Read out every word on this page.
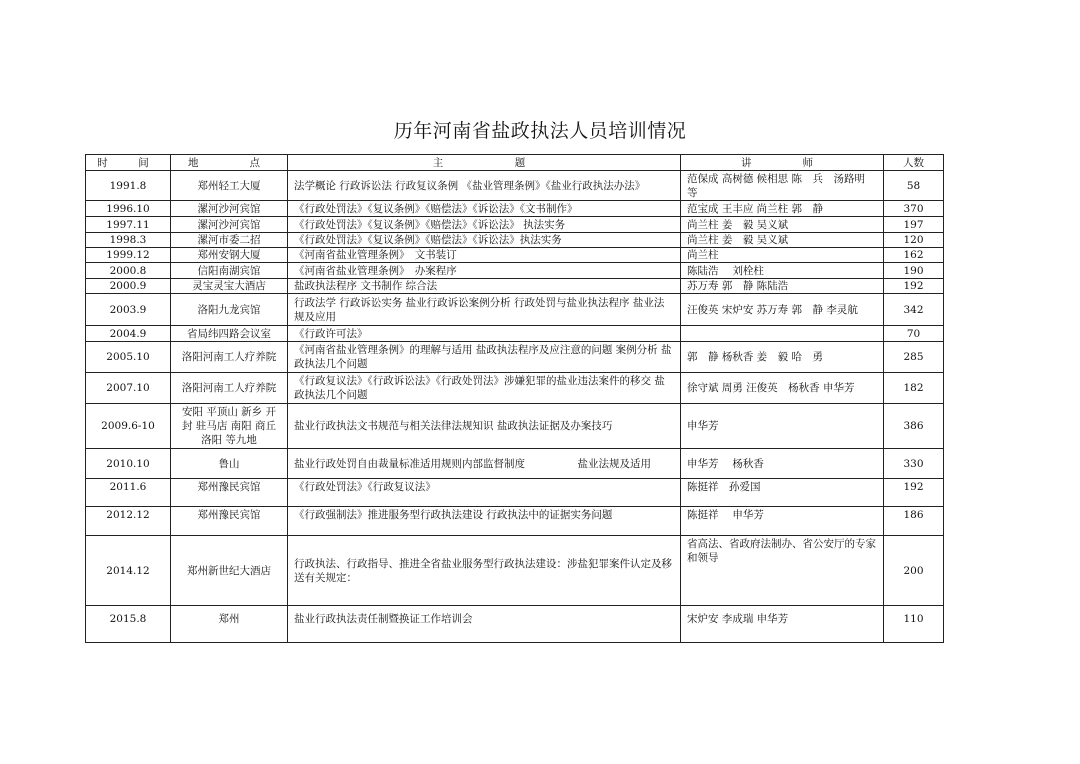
历年河南省盐政执法人员培训情况
时　间	地　　点	主　　　题	讲　　师	人数
1991.8	郑州轻工大厦	法学概论 行政诉讼法 行政复议条例 《盐业管理条例》《盐业行政执法办法》	范保成 高树德 候相思 陈　兵　汤路明 等	58
1996.10	漯河沙河宾馆	《行政处罚法》《复议条例》《赔偿法》《诉讼法》《文书制作》	范宝成 王丰应 尚兰柱 郭　静	370
1997.11	漯河沙河宾馆	《行政处罚法》《复议条例》《赔偿法》《诉讼法》 执法实务	尚兰柱 姜　毅 吴义斌	197
1998.3	漯河市委二招	《行政处罚法》《复议条例》《赔偿法》《诉讼法》执法实务	尚兰柱 姜　毅 吴义斌	120
1999.12	郑州安钢大厦	《河南省盐业管理条例》　文书装订	尚兰柱	162
2000.8	信阳南湖宾馆	《河南省盐业管理条例》　办案程序	陈陆浩　 刘栓柱	190
2000.9	灵宝灵宝大酒店	盐政执法程序 文书制作 综合法	苏万寿 郭　静 陈陆浩	192
2003.9	洛阳九龙宾馆	行政法学 行政诉讼实务 盐业行政诉讼案例分析 行政处罚与盐业执法程序 盐业法规及应用	汪俊英 宋炉安 苏万寿 郭　静 李灵航	342
2004.9	省局纬四路会议室	《行政许可法》		70
2005.10	洛阳河南工人疗养院	《河南省盐业管理条例》的理解与适用 盐政执法程序及应注意的问题 案例分析 盐政执法几个问题	郭　静 杨秋香 姜　毅 哈　勇	285
2007.10	洛阳河南工人疗养院	《行政复议法》《行政诉讼法》《行政处罚法》涉嫌犯罪的盐业违法案件的移交 盐政执法几个问题	徐守斌 周勇 汪俊英　杨秋香 申华芳	182
2009.6-10	安阳 平顶山 新乡 开封 驻马店 南阳 商丘 洛阳 等九地	盐业行政执法文书规范与相关法律法规知识 盐政执法证据及办案技巧	申华芳	386
2010.10	鲁山	盐业行政处罚自由裁量标准适用规则内部监督制度　　　　　盐业法规及适用	申华芳　 杨秋香	330
2011.6	郑州豫民宾馆	《行政处罚法》《行政复议法》	陈挺祥　孙爱国	192
2012.12	郑州豫民宾馆	《行政强制法》推进服务型行政执法建设 行政执法中的证据实务问题	陈挺祥　 申华芳	186
2014.12	郑州新世纪大酒店	行政执法、行政指导、推进全省盐业服务型行政执法建设：涉盐犯罪案件认定及移送有关规定：	省高法、省政府法制办、省公安厅的专家和领导	200
2015.8	郑州	盐业行政执法责任制暨换证工作培训会	宋炉安 李成瑞 申华芳	110
